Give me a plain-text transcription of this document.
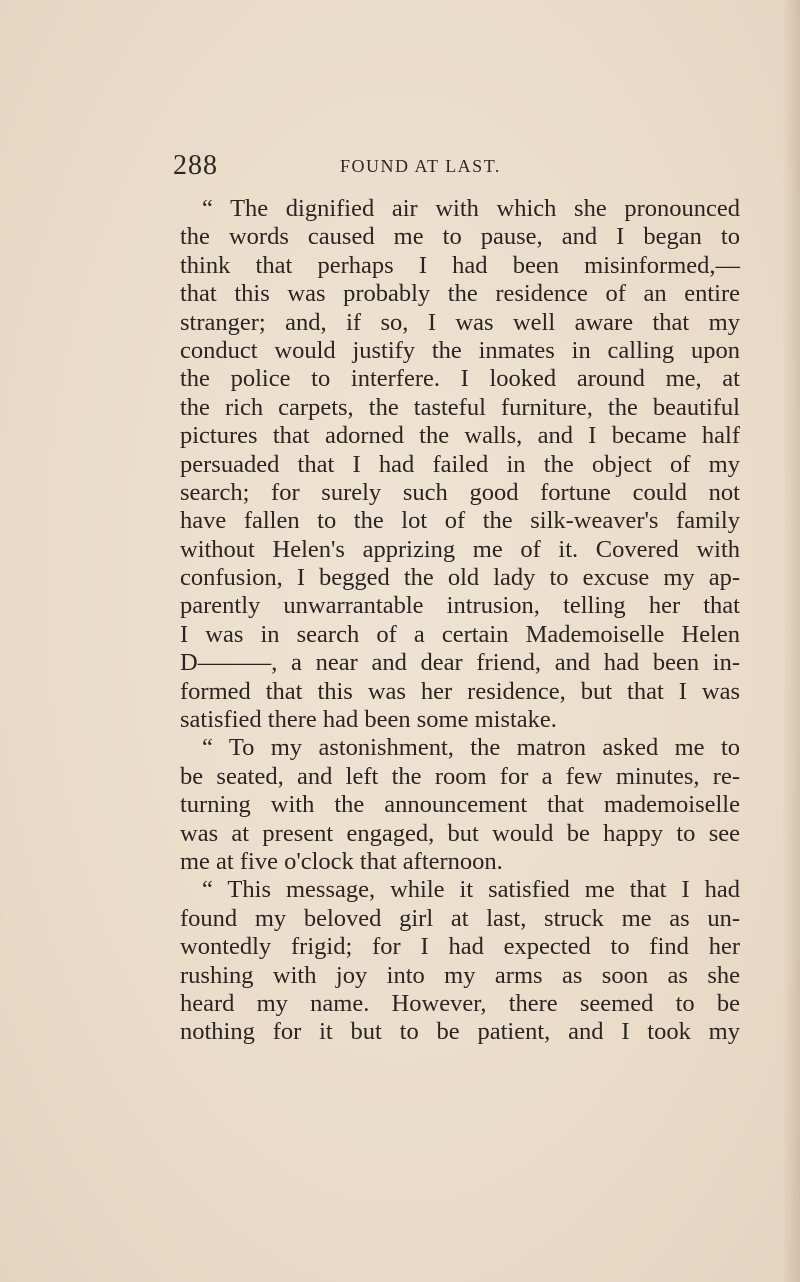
288	FOUND AT LAST.
“ The dignified air with which she pronounced
the words caused me to pause, and I began to
think that perhaps I had been misinformed,—
that this was probably the residence of an entire
stranger; and, if so, I was well aware that my
conduct would justify the inmates in calling upon
the police to interfere. I looked around me, at
the rich carpets, the tasteful furniture, the beautiful
pictures that adorned the walls, and I became half
persuaded that I had failed in the object of my
search; for surely such good fortune could not
have fallen to the lot of the silk-weaver's family
without Helen's apprizing me of it. Covered with
confusion, I begged the old lady to excuse my ap-
parently unwarrantable intrusion, telling her that
I was in search of a certain Mademoiselle Helen
D———, a near and dear friend, and had been in-
formed that this was her residence, but that I was
satisfied there had been some mistake.
“ To my astonishment, the matron asked me to
be seated, and left the room for a few minutes, re-
turning with the announcement that mademoiselle
was at present engaged, but would be happy to see
me at five o'clock that afternoon.
“ This message, while it satisfied me that I had
found my beloved girl at last, struck me as un-
wontedly frigid; for I had expected to find her
rushing with joy into my arms as soon as she
heard my name. However, there seemed to be
nothing for it but to be patient, and I took my
